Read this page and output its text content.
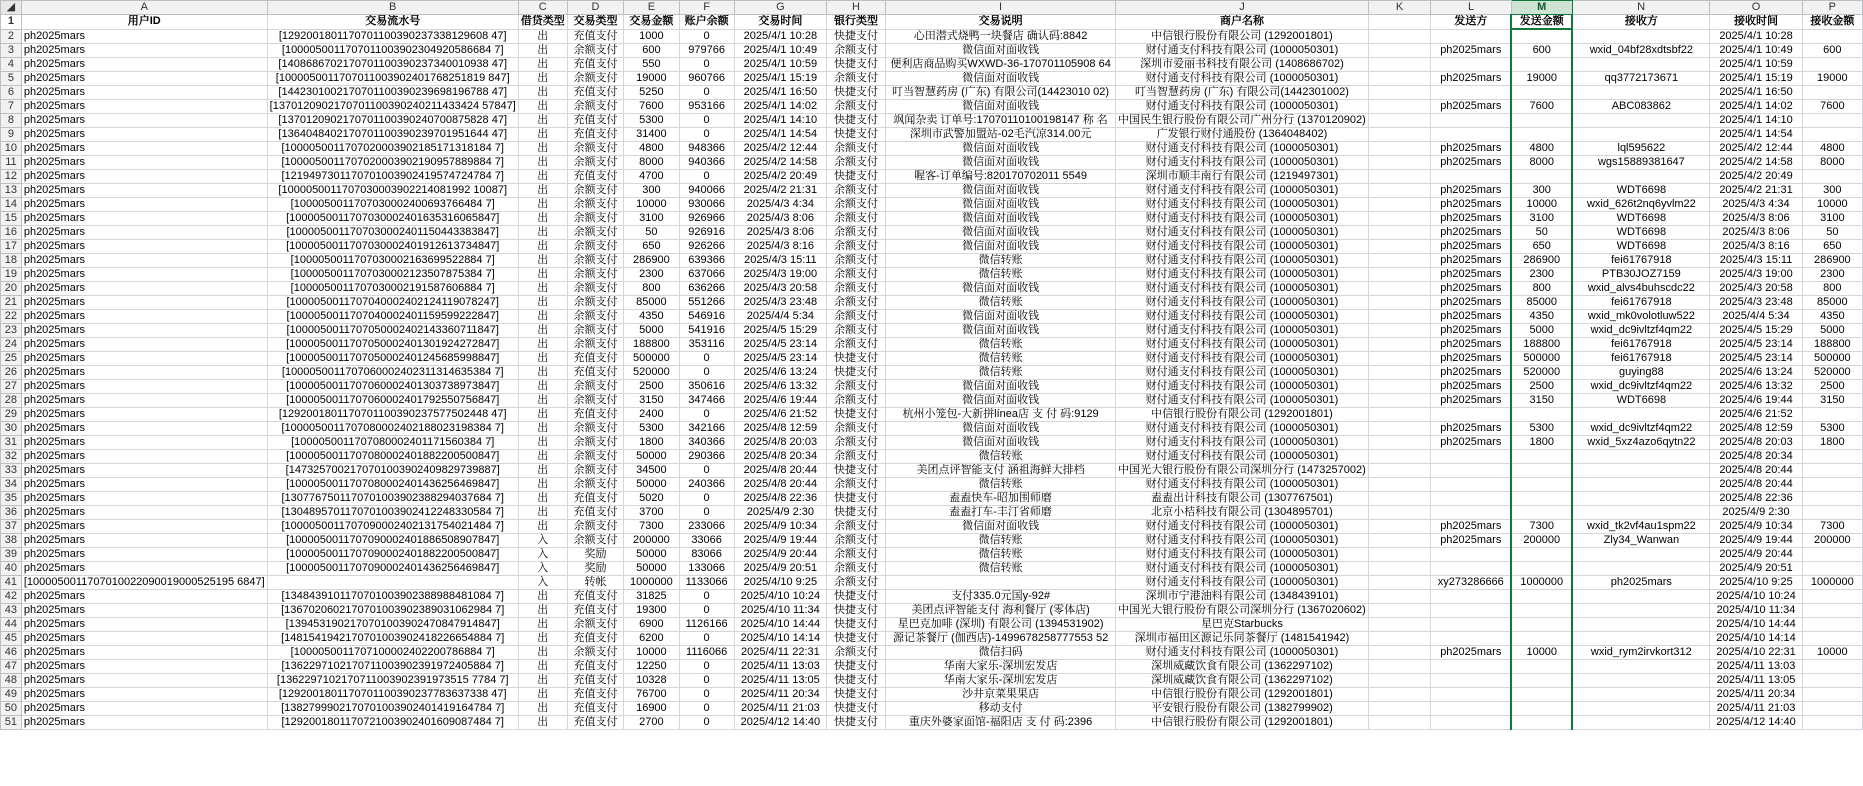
◢	A	B	C	D	E	F	G	H	I	J	K	L	M	N	O	P
1	用户ID	交易流水号	借贷类型	交易类型	交易金额	账户余额	交易时间	银行类型	交易说明	商户名称		发送方	发送金额	接收方	接收时间	接收金额
2	ph2025mars	[1292001801170701100390237338129608 47]	出	充值支付	1000	0	2025/4/1 10:28	快捷支付	心田潜式烧鸭一块餐店 确认码:8842	中信银行股份有限公司 (1292001801)					2025/4/1 10:28	
3	ph2025mars	[1000050011707011003902304920586684 7]	出	余额支付	600	979766	2025/4/1 10:49	余额支付	微信面对面收钱	财付通支付科技有限公司 (1000050301)		ph2025mars	600	wxid_04bf28xdtsbf22	2025/4/1 10:49	600
4	ph2025mars	[1408686702170701100390237340010938 47]	出	充值支付	550	0	2025/4/1 10:59	快捷支付	便利店商品购买WXWD-36-170701105908 64	深圳市爱丽书科技有限公司 (1408686702)					2025/4/1 10:59	
5	ph2025mars	[1000050011707011003902401768251819 847]	出	余额支付	19000	960766	2025/4/1 15:19	余额支付	微信面对面收钱	财付通支付科技有限公司 (1000050301)		ph2025mars	19000	qq3772173671	2025/4/1 15:19	19000
6	ph2025mars	[1442301002170701100390239698196788 47]	出	充值支付	5250	0	2025/4/1 16:50	快捷支付	叮当智慧药房 (广东) 有限公司(14423010 02)	叮当智慧药房 (广东) 有限公司(1442301002)					2025/4/1 16:50	
7	ph2025mars	[1370120902170701100390240211433424 57847]	出	余额支付	7600	953166	2025/4/1 14:02	余额支付	微信面对面收钱	财付通支付科技有限公司 (1000050301)		ph2025mars	7600	ABC083862	2025/4/1 14:02	7600
8	ph2025mars	[1370120902170701100390240700875828 47]	出	充值支付	5300	0	2025/4/1 14:10	快捷支付	飒闻杂卖 订单号:17070110100198147 称 名	中国民生银行股份有限公司广州分行 (1370120902)					2025/4/1 14:10	
9	ph2025mars	[1364048402170701100390239701951644 47]	出	充值支付	31400	0	2025/4/1 14:54	快捷支付	深圳市武警加盟站-02毛汽凉314.00元	广发银行财付通股份 (1364048402)					2025/4/1 14:54	
10	ph2025mars	[1000050011707020003902185171318184 7]	出	余额支付	4800	948366	2025/4/2 12:44	余额支付	微信面对面收钱	财付通支付科技有限公司 (1000050301)		ph2025mars	4800	lql595622	2025/4/2 12:44	4800
11	ph2025mars	[1000050011707020003902190957889884 7]	出	余额支付	8000	940366	2025/4/2 14:58	余额支付	微信面对面收钱	财付通支付科技有限公司 (1000050301)		ph2025mars	8000	wgs15889381647	2025/4/2 14:58	8000
12	ph2025mars	[1219497301170701003902419574724784 7]	出	充值支付	4700	0	2025/4/2 20:49	快捷支付	喔客-订单编号:820170702011 5549	深圳市顺丰南行有限公司 (1219497301)					2025/4/2 20:49	
13	ph2025mars	[1000050011707030003902214081992 10087]	出	余额支付	300	940066	2025/4/2 21:31	余额支付	微信面对面收钱	财付通支付科技有限公司 (1000050301)		ph2025mars	300	WDT6698	2025/4/2 21:31	300
14	ph2025mars	[1000050011707030002400693766484 7]	出	余额支付	10000	930066	2025/4/3 4:34	余额支付	微信面对面收钱	财付通支付科技有限公司 (1000050301)		ph2025mars	10000	wxid_626t2nq6yvlm22	2025/4/3 4:34	10000
15	ph2025mars	[1000050011707030002401635316065847]	出	余额支付	3100	926966	2025/4/3 8:06	余额支付	微信面对面收钱	财付通支付科技有限公司 (1000050301)		ph2025mars	3100	WDT6698	2025/4/3 8:06	3100
16	ph2025mars	[1000050011707030002401150443383847]	出	余额支付	50	926916	2025/4/3 8:06	余额支付	微信面对面收钱	财付通支付科技有限公司 (1000050301)		ph2025mars	50	WDT6698	2025/4/3 8:06	50
17	ph2025mars	[1000050011707030002401912613734847]	出	余额支付	650	926266	2025/4/3 8:16	余额支付	微信面对面收钱	财付通支付科技有限公司 (1000050301)		ph2025mars	650	WDT6698	2025/4/3 8:16	650
18	ph2025mars	[1000050011707030002163699522884 7]	出	余额支付	286900	639366	2025/4/3 15:11	余额支付	微信转账	财付通支付科技有限公司 (1000050301)		ph2025mars	286900	fei61767918	2025/4/3 15:11	286900
19	ph2025mars	[1000050011707030002123507875384 7]	出	余额支付	2300	637066	2025/4/3 19:00	余额支付	微信转账	财付通支付科技有限公司 (1000050301)		ph2025mars	2300	PTB30JOZ7159	2025/4/3 19:00	2300
20	ph2025mars	[1000050011707030002191587606884 7]	出	余额支付	800	636266	2025/4/3 20:58	余额支付	微信面对面收钱	财付通支付科技有限公司 (1000050301)		ph2025mars	800	wxid_alvs4buhscdc22	2025/4/3 20:58	800
21	ph2025mars	[1000050011707040002402124119078247]	出	余额支付	85000	551266	2025/4/3 23:48	余额支付	微信转账	财付通支付科技有限公司 (1000050301)		ph2025mars	85000	fei61767918	2025/4/3 23:48	85000
22	ph2025mars	[1000050011707040002401159599222847]	出	余额支付	4350	546916	2025/4/4 5:34	余额支付	微信面对面收钱	财付通支付科技有限公司 (1000050301)		ph2025mars	4350	wxid_mk0volotluw522	2025/4/4 5:34	4350
23	ph2025mars	[1000050011707050002402143360711847]	出	余额支付	5000	541916	2025/4/5 15:29	余额支付	微信面对面收钱	财付通支付科技有限公司 (1000050301)		ph2025mars	5000	wxid_dc9ivltzf4qm22	2025/4/5 15:29	5000
24	ph2025mars	[1000050011707050002401301924272847]	出	余额支付	188800	353116	2025/4/5 23:14	余额支付	微信转账	财付通支付科技有限公司 (1000050301)		ph2025mars	188800	fei61767918	2025/4/5 23:14	188800
25	ph2025mars	[1000050011707050002401245685998847]	出	充值支付	500000	0	2025/4/5 23:14	快捷支付	微信转账	财付通支付科技有限公司 (1000050301)		ph2025mars	500000	fei61767918	2025/4/5 23:14	500000
26	ph2025mars	[1000050011707060002402311314635384 7]	出	充值支付	520000	0	2025/4/6 13:24	快捷支付	微信转账	财付通支付科技有限公司 (1000050301)		ph2025mars	520000	guying88	2025/4/6 13:24	520000
27	ph2025mars	[1000050011707060002401303738973847]	出	余额支付	2500	350616	2025/4/6 13:32	余额支付	微信面对面收钱	财付通支付科技有限公司 (1000050301)		ph2025mars	2500	wxid_dc9ivltzf4qm22	2025/4/6 13:32	2500
28	ph2025mars	[1000050011707060002401792550756847]	出	余额支付	3150	347466	2025/4/6 19:44	余额支付	微信面对面收钱	财付通支付科技有限公司 (1000050301)		ph2025mars	3150	WDT6698	2025/4/6 19:44	3150
29	ph2025mars	[1292001801170701100390237577502448 47]	出	充值支付	2400	0	2025/4/6 21:52	快捷支付	杭州小笼包-大新拼línea店 支 付 码:9129	中信银行股份有限公司 (1292001801)					2025/4/6 21:52	
30	ph2025mars	[1000050011707080002402188023198384 7]	出	余额支付	5300	342166	2025/4/8 12:59	余额支付	微信面对面收钱	财付通支付科技有限公司 (1000050301)		ph2025mars	5300	wxid_dc9ivltzf4qm22	2025/4/8 12:59	5300
31	ph2025mars	[1000050011707080002401171560384 7]	出	余额支付	1800	340366	2025/4/8 20:03	余额支付	微信面对面收钱	财付通支付科技有限公司 (1000050301)		ph2025mars	1800	wxid_5xz4azo6qytn22	2025/4/8 20:03	1800
32	ph2025mars	[1000050011707080002401882200500847]	出	余额支付	50000	290366	2025/4/8 20:34	余额支付	微信转账	财付通支付科技有限公司 (1000050301)					2025/4/8 20:34	
33	ph2025mars	[1473257002170701003902409829739887]	出	余额支付	34500	0	2025/4/8 20:44	快捷支付	美团点评智能支付 涵祖海鲜大排档	中国光大银行股份有限公司深圳分行 (1473257002)					2025/4/8 20:44	
34	ph2025mars	[1000050011707080002401436256469847]	出	余额支付	50000	240366	2025/4/8 20:44	余额支付	微信转账	财付通支付科技有限公司 (1000050301)					2025/4/8 20:44	
35	ph2025mars	[1307767501170701003902388294037684 7]	出	充值支付	5020	0	2025/4/8 22:36	快捷支付	盍盍快车-昭加围师磨	盍盍出计科技有限公司 (1307767501)					2025/4/8 22:36	
36	ph2025mars	[1304895701170701003902412248330584 7]	出	充值支付	3700	0	2025/4/9 2:30	快捷支付	盍盍打车-丰汀省师磨	北京小桔科技有限公司 (1304895701)					2025/4/9 2:30	
37	ph2025mars	[1000050011707090002402131754021484 7]	出	余额支付	7300	233066	2025/4/9 10:34	余额支付	微信面对面收钱	财付通支付科技有限公司 (1000050301)		ph2025mars	7300	wxid_tk2vf4au1spm22	2025/4/9 10:34	7300
38	ph2025mars	[1000050011707090002401886508907847]	入	余额支付	200000	33066	2025/4/9 19:44	余额支付	微信转账	财付通支付科技有限公司 (1000050301)		ph2025mars	200000	Zly34_Wanwan	2025/4/9 19:44	200000
39	ph2025mars	[1000050011707090002401882200500847]	入	奖励	50000	83066	2025/4/9 20:44	余额支付	微信转账	财付通支付科技有限公司 (1000050301)					2025/4/9 20:44	
40	ph2025mars	[1000050011707090002401436256469847]	入	奖励	50000	133066	2025/4/9 20:51	余额支付	微信转账	财付通支付科技有限公司 (1000050301)					2025/4/9 20:51	
41	[1000050011707010022090019000525195 6847]		入	转帐	1000000	1133066	2025/4/10 9:25	余额支付		财付通支付科技有限公司 (1000050301)		xy273286666	1000000	ph2025mars	2025/4/10 9:25	1000000
42	ph2025mars	[1348439101170701003902388988481084 7]	出	充值支付	31825	0	2025/4/10 10:24	快捷支付	支付335.0元国y-92#	深圳市宁港油料有限公司 (1348439101)					2025/4/10 10:24	
43	ph2025mars	[1367020602170701003902389031062984 7]	出	充值支付	19300	0	2025/4/10 11:34	快捷支付	美团点评智能支付 海利餐厅 (零体店)	中国光大银行股份有限公司深圳分行 (1367020602)					2025/4/10 11:34	
44	ph2025mars	[1394531902170701003902470847914847]	出	余额支付	6900	1126166	2025/4/10 14:44	快捷支付	星巴克加啡 (深圳) 有限公司 (1394531902)	星巴克Starbucks					2025/4/10 14:44	
45	ph2025mars	[1481541942170701003902418226654884 7]	出	充值支付	6200	0	2025/4/10 14:14	快捷支付	源记茶餐厅 (伽西店)-1499678258777553 52	深圳市福田区源记乐同茶餐厅 (1481541942)					2025/4/10 14:14	
46	ph2025mars	[1000050011707100002402200786884 7]	出	余额支付	10000	1116066	2025/4/11 22:31	余额支付	微信扫码	财付通支付科技有限公司 (1000050301)		ph2025mars	10000	wxid_rym2irvkort312	2025/4/10 22:31	10000
47	ph2025mars	[1362297102170711003902391972405884 7]	出	充值支付	12250	0	2025/4/11 13:03	快捷支付	华南大家乐-深圳宏发店	深圳威藏饮食有限公司 (1362297102)					2025/4/11 13:03	
48	ph2025mars	[1362297102170711003902391973515 7784 7]	出	充值支付	10328	0	2025/4/11 13:05	快捷支付	华南大家乐-深圳宏发店	深圳威藏饮食有限公司 (1362297102)					2025/4/11 13:05	
49	ph2025mars	[1292001801170701100390237783637338 47]	出	充值支付	76700	0	2025/4/11 20:34	快捷支付	沙井京菜果果店	中信银行股份有限公司 (1292001801)					2025/4/11 20:34	
50	ph2025mars	[1382799902170701003902401419164784 7]	出	充值支付	16900	0	2025/4/11 21:03	快捷支付	移动支付	平安银行股份有限公司 (1382799902)					2025/4/11 21:03	
51	ph2025mars	[1292001801170721003902401609087484 7]	出	充值支付	2700	0	2025/4/12 14:40	快捷支付	重庆外婆家面馆-福阳店 支 付 码:2396	中信银行股份有限公司 (1292001801)					2025/4/12 14:40	
